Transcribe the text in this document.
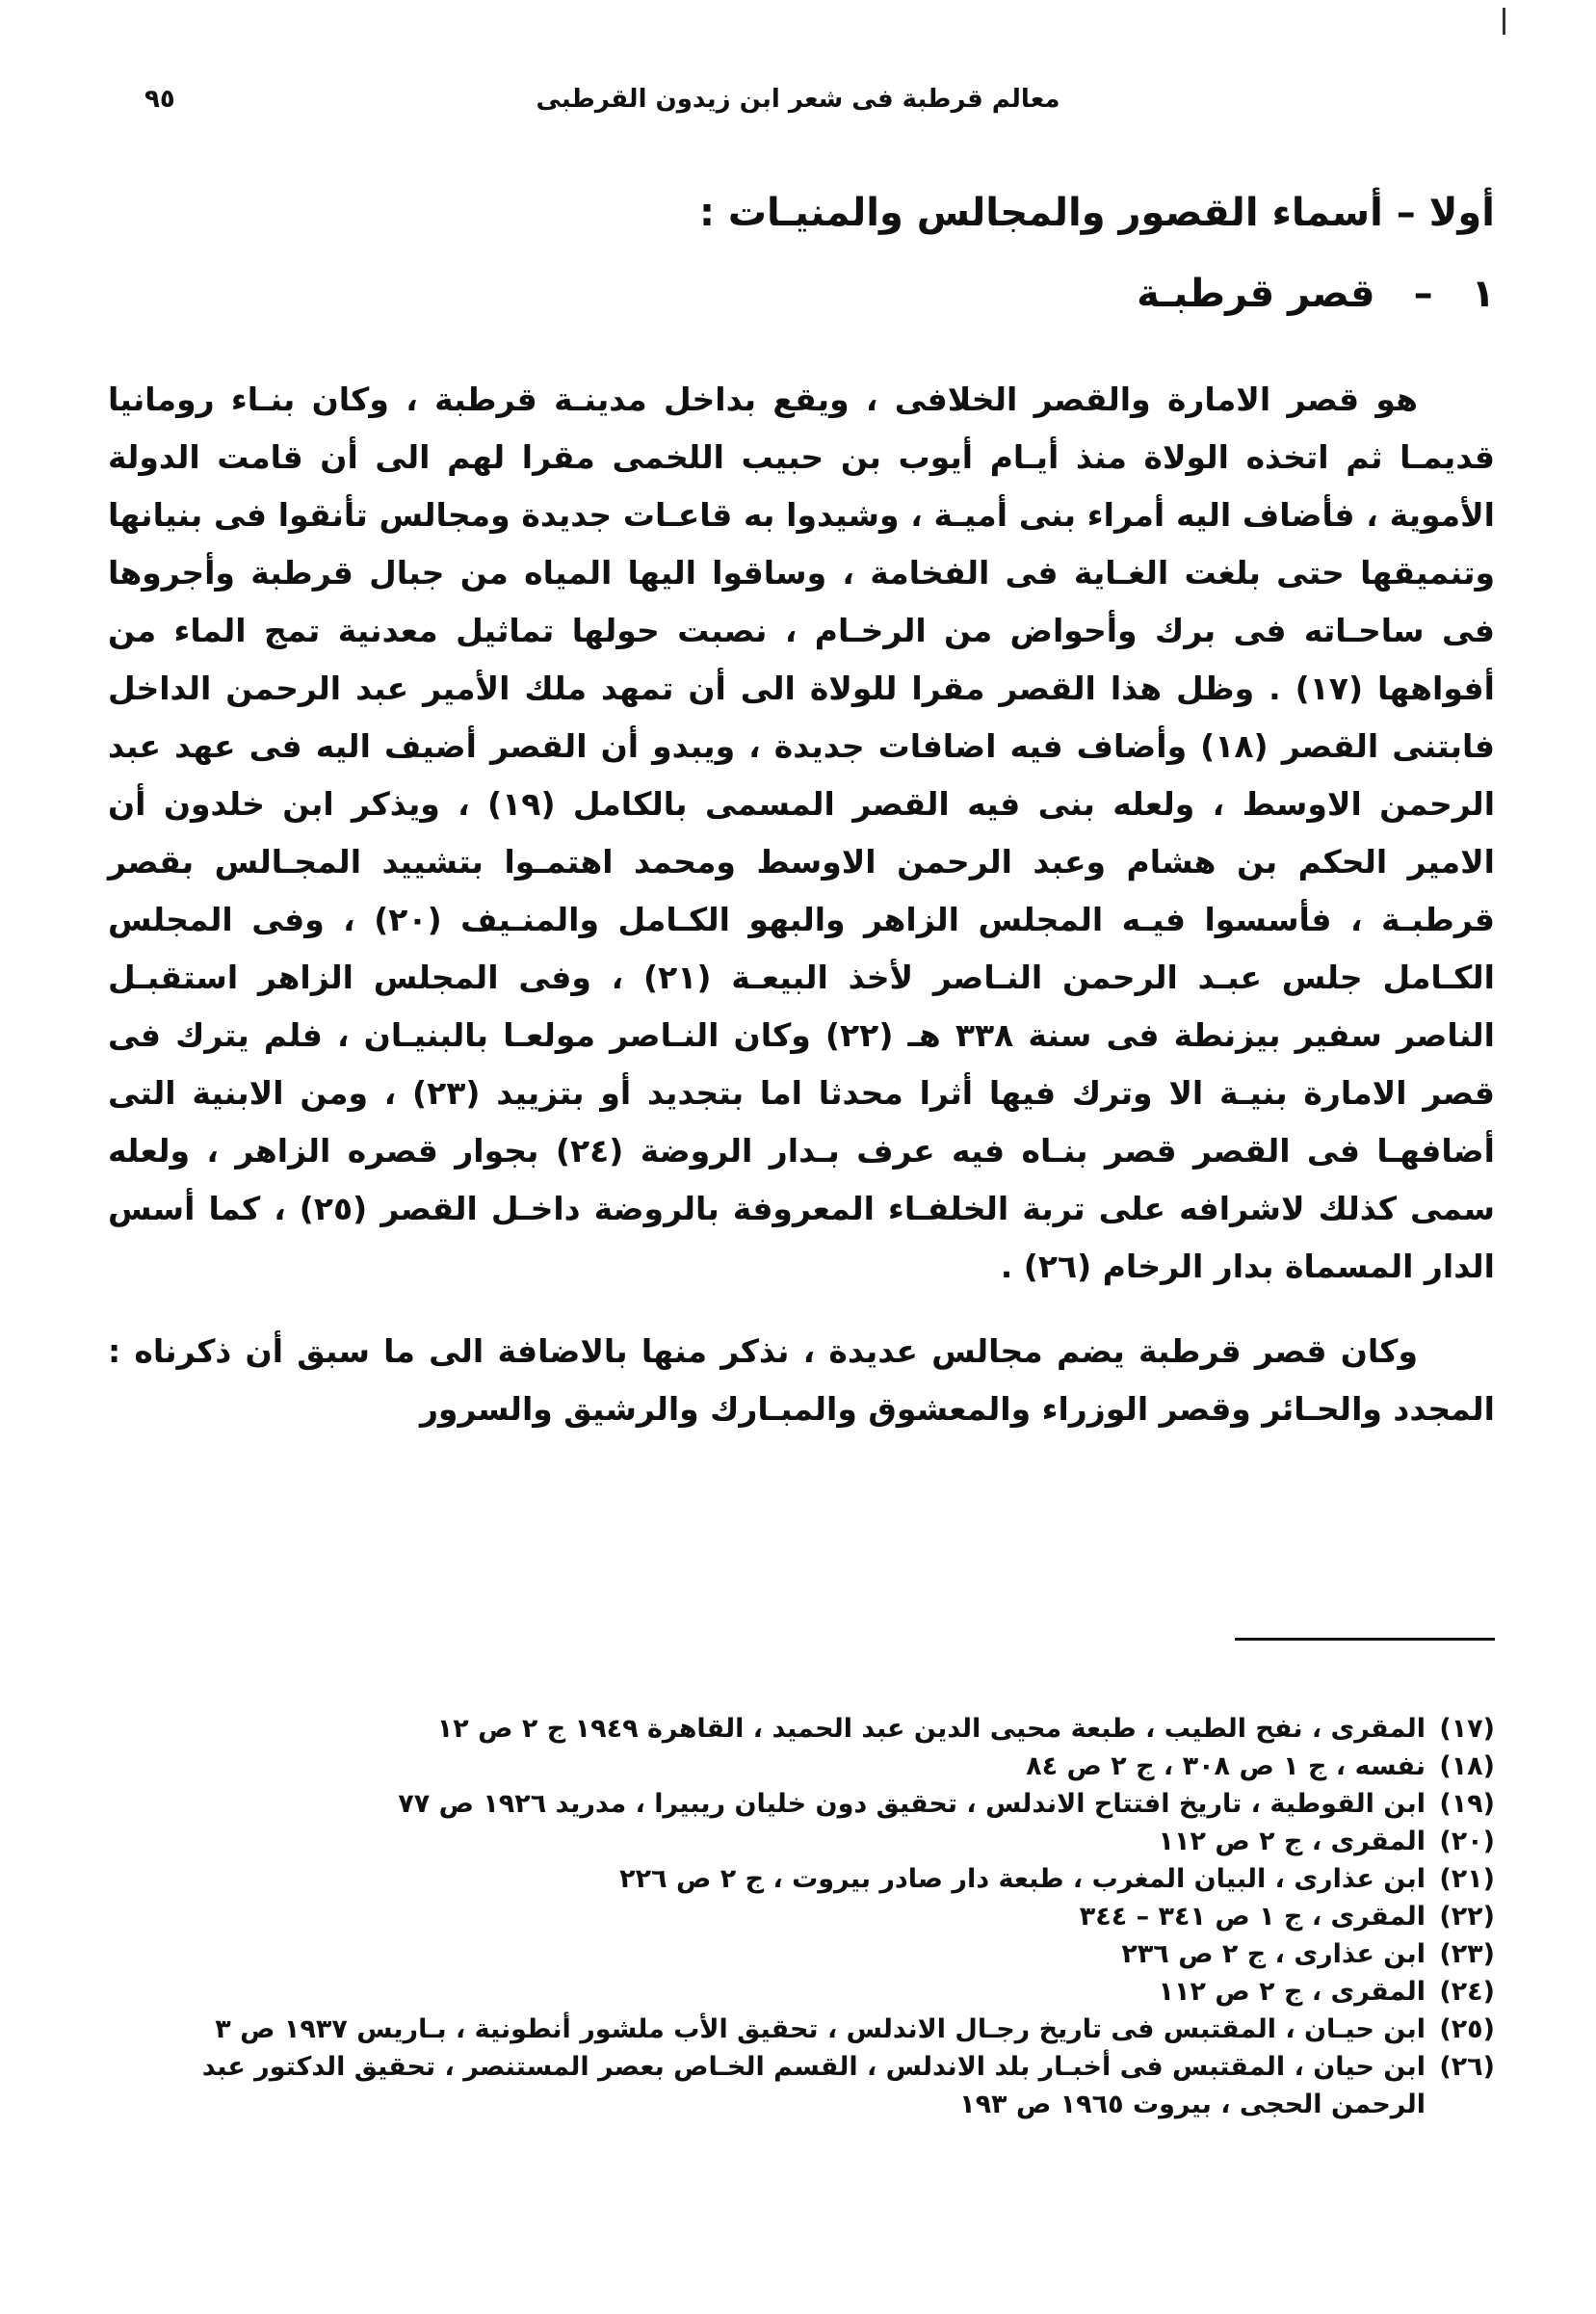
معالم قرطبة فى شعر ابن زيدون القرطبى
٩٥
أولا – أسماء القصور والمجالس والمنيـات :
١–قصر قرطبـة

هو قصر الامارة والقصر الخلافى ، ويقع بداخل مدينـة قرطبة ، وكان بنـاء رومانيا قديمـا ثم اتخذه الولاة منذ أيـام أيوب بن حبيب اللخمى مقرا لهم الى أن قامت الدولة الأموية ، فأضاف اليه أمراء بنى أميـة ، وشيدوا به قاعـات جديدة ومجالس تأنقوا فى بنيانها وتنميقها حتى بلغت الغـاية فى الفخامة ، وساقوا اليها المياه من جبال قرطبة وأجروها فى ساحـاته فى برك وأحواض من الرخـام ، نصبت حولها تماثيل معدنية تمج الماء من أفواهها (١٧) . وظل هذا القصر مقرا للولاة الى أن تمهد ملك الأمير عبد الرحمن الداخل فابتنى القصر (١٨) وأضاف فيه اضافات جديدة ، ويبدو أن القصر أضيف اليه فى عهد عبد الرحمن الاوسط ، ولعله بنى فيه القصر المسمى بالكامل (١٩) ، ويذكر ابن خلدون أن الامير الحكم بن هشام وعبد الرحمن الاوسط ومحمد اهتمـوا بتشييد المجـالس بقصر قرطبـة ، فأسسوا فيـه المجلس الزاهر والبهو الكـامل والمنـيف (٢٠) ، وفى المجلس الكـامل جلس عبـد الرحمن النـاصر لأخذ البيعـة (٢١) ، وفى المجلس الزاهر استقبـل الناصر سفير بيزنطة فى سنة ٣٣٨ هـ (٢٢) وكان النـاصر مولعـا بالبنيـان ، فلم يترك فى قصر الامارة بنيـة الا وترك فيها أثرا محدثا اما بتجديد أو بتزييد (٢٣) ، ومن الابنية التى أضافهـا فى القصر قصر بنـاه فيه عرف بـدار الروضة (٢٤) بجوار قصره الزاهر ، ولعله سمى كذلك لاشرافه على تربة الخلفـاء المعروفة بالروضة داخـل القصر (٢٥) ، كما أسس الدار المسماة بدار الرخام (٢٦) .

وكان قصر قرطبة يضم مجالس عديدة ، نذكر منها بالاضافة الى ما سبق أن ذكرناه : المجدد والحـائر وقصر الوزراء والمعشوق والمبـارك والرشيق والسرور

(١٧)
المقرى ، نفح الطيب ، طبعة محيى الدين عبد الحميد ، القاهرة ١٩٤٩ ج ٢ ص ١٢
(١٨)
نفسه ، ج ١ ص ٣٠٨ ، ج ٢ ص ٨٤
(١٩)
ابن القوطية ، تاريخ افتتاح الاندلس ، تحقيق دون خليان ريبيرا ، مدريد ١٩٢٦ ص ٧٧
(٢٠)
المقرى ، ج ٢ ص ١١٢
(٢١)
ابن عذارى ، البيان المغرب ، طبعة دار صادر بيروت ، ج ٢ ص ٢٢٦
(٢٢)
المقرى ، ج ١ ص ٣٤١ – ٣٤٤
(٢٣)
ابن عذارى ، ج ٢ ص ٢٣٦
(٢٤)
المقرى ، ج ٢ ص ١١٢
(٢٥)
ابن حيـان ، المقتبس فى تاريخ رجـال الاندلس ، تحقيق الأب ملشور أنطونية ، بـاريس ١٩٣٧ ص ٣
(٢٦)
ابن حيان ، المقتبس فى أخبـار بلد الاندلس ، القسم الخـاص بعصر المستنصر ، تحقيق الدكتور عبد الرحمن الحجى ، بيروت ١٩٦٥ ص ١٩٣
